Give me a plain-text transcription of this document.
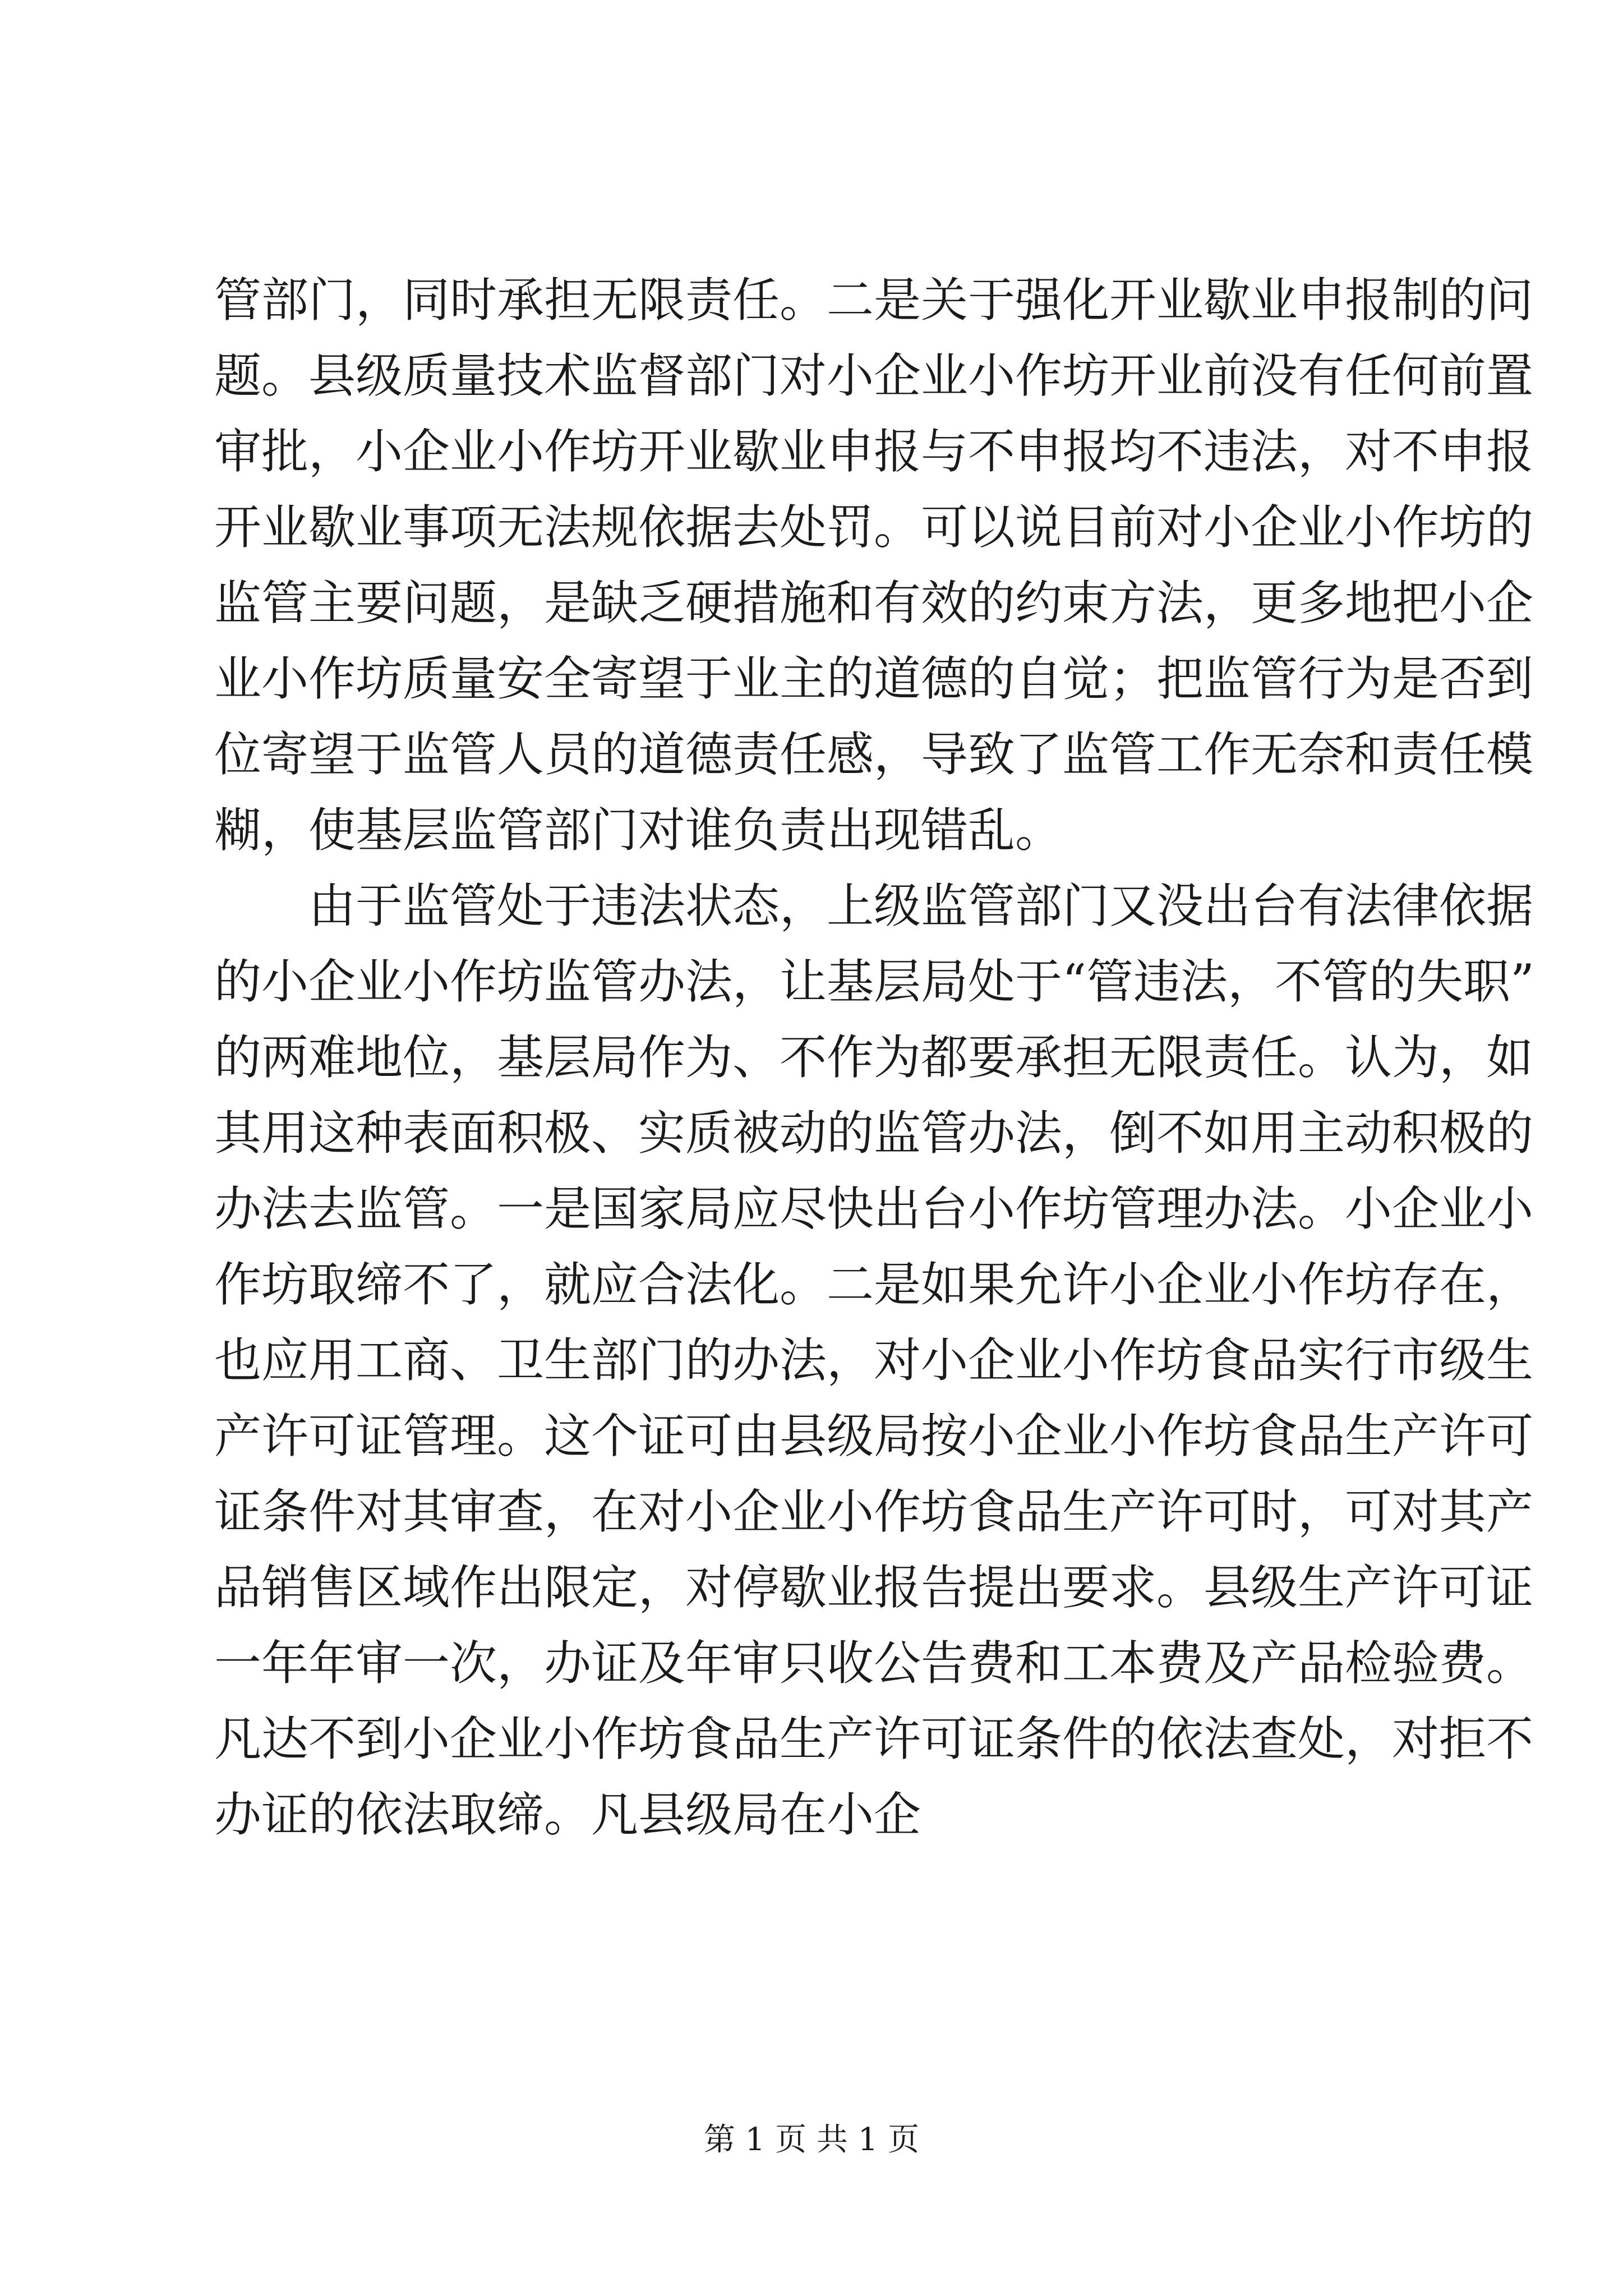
管部门，同时承担无限责任。二是关于强化开业歇业申报制的问
题。县级质量技术监督部门对小企业小作坊开业前没有任何前置
审批，小企业小作坊开业歇业申报与不申报均不违法，对不申报
开业歇业事项无法规依据去处罚。可以说目前对小企业小作坊的
监管主要问题，是缺乏硬措施和有效的约束方法，更多地把小企
业小作坊质量安全寄望于业主的道德的自觉；把监管行为是否到
位寄望于监管人员的道德责任感，导致了监管工作无奈和责任模
糊，使基层监管部门对谁负责出现错乱。
由于监管处于违法状态，上级监管部门又没出台有法律依据
的小企业小作坊监管办法，让基层局处于“管违法，不管的失职”
的两难地位，基层局作为、不作为都要承担无限责任。认为，如
其用这种表面积极、实质被动的监管办法，倒不如用主动积极的
办法去监管。一是国家局应尽快出台小作坊管理办法。小企业小
作坊取缔不了，就应合法化。二是如果允许小企业小作坊存在，
也应用工商、卫生部门的办法，对小企业小作坊食品实行市级生
产许可证管理。这个证可由县级局按小企业小作坊食品生产许可
证条件对其审查，在对小企业小作坊食品生产许可时，可对其产
品销售区域作出限定，对停歇业报告提出要求。县级生产许可证
一年年审一次，办证及年审只收公告费和工本费及产品检验费。
凡达不到小企业小作坊食品生产许可证条件的依法查处，对拒不
办证的依法取缔。凡县级局在小企
第 1 页 共 1 页
